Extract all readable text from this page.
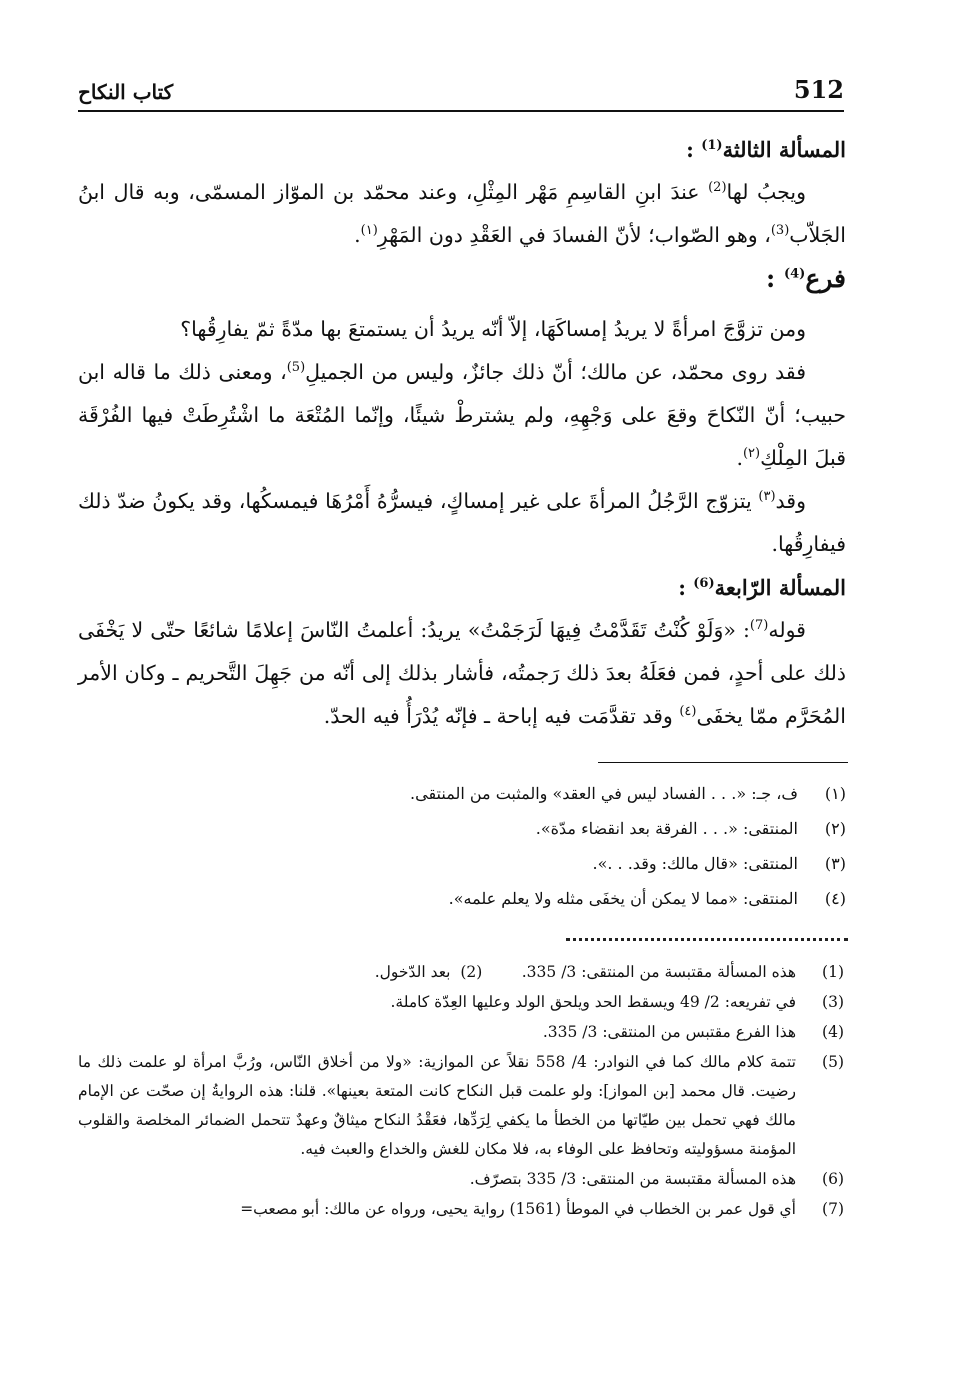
512
كتاب النكاح

المسألة الثالثة$^{(1)}$ :

ويجبُ لها$^{(2)}$ عندَ ابنِ القاسِمِ مَهْر المِثْلِ، وعند محمّد بن الموّاز المسمّى، وبه قال ابنُ الجَلاّب$^{(3)}$، وهو الصّواب؛ لأنّ الفسادَ في العَقْدِ دون المَهْرِ$^{(١)}$.

فرع$^{(4)}$ :

ومن تزوَّجَ امرأةً لا يريدُ إمساكَهَا، إلاّ أنّه يريدُ أن يستمتعَ بها مدّةً ثمّ يفارِقُها؟

فقد روى محمّد، عن مالك؛ أنّ ذلك جائزٌ، وليس من الجميلِ$^{(5)}$، ومعنى ذلك ما قاله ابن حبيب؛ أنّ النّكاحَ وقعَ على وَجْهِهِ، ولم يشترطْ شيئًا، وإنّما المُتْعَة ما اشْتُرِطَتْ فيها الفُرْقَة قبلَ المِلْكِ$^{(٢)}$.

وقد$^{(٣)}$ يتزوّج الرَّجُلُ المرأةَ على غير إمساكٍ، فيسرُّهُ أَمْرُهَا فيمسكُها، وقد يكونُ ضدّ ذلك فيفارِقُها.

المسألة الرّابعة$^{(6)}$ :

قوله$^{(7)}$: «وَلَوْ كُنْتُ تَقَدَّمْتُ فِيهَا لَرَجَمْتُ» يريدُ: أعلمتُ النّاسَ إعلامًا شائعًا حتّى لا يَخْفَى ذلك على أحدٍ، فمن فعَلَهُ بعدَ ذلك رَجمتُه، فأشار بذلك إلى أنّه من جَهِلَ التَّحريم ـ وكان الأمر المُحَرَّم ممّا يخفَى$^{(٤)}$ وقد تقدَّمَت فيه إباحة ـ فإنّه يُدْرَأُ فيه الحدّ.

(١)
ف، جـ: «. . . الفساد ليس في العقد» والمثبت من المنتقى.
(٢)
المنتقى: «. . . الفرقة بعد انقضاء مدّة».
(٣)
المنتقى: «قال مالك: وقد. . .».
(٤)
المنتقى: «مما لا يمكن أن يخفَى مثله ولا يعلم علمه».
(1)
هذه المسألة مقتبسة من المنتقى: 3/ 335.        (2)  بعد الدّخول.
(3)
في تفريعه: 2/ 49 ويسقط الحد ويلحق الولد وعليها العِدّة كاملة.
(4)
هذا الفرع مقتبس من المنتقى: 3/ 335.
(5)
تتمة كلام مالك كما في النوادر: 4/ 558 نقلاً عن الموازية: «ولا من أخلاق النّاس، ورُبَّ امرأة لو علمت ذلك ما رضيت. قال محمد [بن المواز]: ولو علمت قبل النكاح كانت المتعة بعينها». قلنا: هذه الروايةُ إن صحّت عن الإمام مالك فهي تحمل بين طيّاتها من الخطأ ما يكفي لِرَدِّها، فعَقْدُ النكاح ميثاقٌ وعهدٌ تتحمل الضمائر المخلصة والقلوب المؤمنة مسؤوليته وتحافظ على الوفاء به، فلا مكان للغش والخداع والعبث فيه.
(6)
هذه المسألة مقتبسة من المنتقى: 3/ 335 بتصرّف.
(7)
أي قول عمر بن الخطاب في الموطأ (1561) رواية يحيى، ورواه عن مالك: أبو مصعب=
